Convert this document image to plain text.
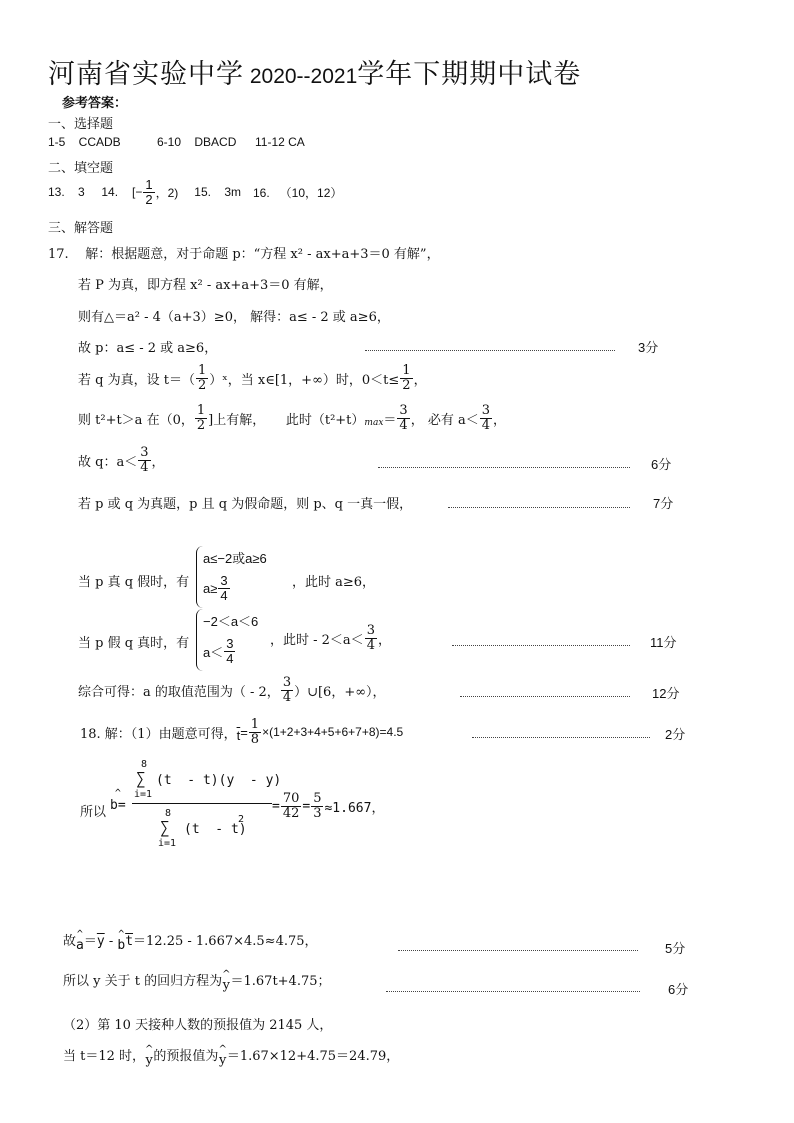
河南省实验中学 2020--2021学年下期期中试卷
参考答案：
一、选择题
1-5    CCADB	6-10    DBACD 11-12 CA
二、填空题
13.    3     14. [− $\frac{1}{2}$ ，2) 15.    3m 16.   （10，12）
三、解答题
17.    解：根据题意，对于命题 p：“方程 x² - ax+a+3＝0 有解”，
若 P 为真，即方程 x² - ax+a+3＝0 有解，
则有△＝a² - 4（a+3）≥0， 解得：a≤ - 2 或 a≥6，
故 p：a≤ - 2 或 a≥6，	3分
若 q 为真，设 $t=( \frac{1}{2}$ ）ˣ，当 x∈[1，+∞）时，$0<t\le \frac{1}{2}$ ，
则 t²+t＞a 在（0， $\frac{1}{2}$ ]上有解，     此时（t²+t） $\max = \frac{3}{4}$ ， 必有 $a< \frac{3}{4}$ ，
故 q：$a< \frac{3}{4}$ ，	6分
若 p 或 q 为真题，p 且 q 为假命题，则 p、q 一真一假，	7分
当 p 真 q 假时，有
a≤−2或a≥6
$a\ge \frac{3}{4}$	，此时 a≥6，
当 p 假 q 真时，有
−2＜a＜6
$a< \frac{3}{4}$	，此时 - $2<a< \frac{3}{4}$ ，	11分
综合可得：a 的取值范围为（ - 2， $\frac{3}{4}$ ）∪[6，+∞），	12分
18. 解：（1）由题意可得， $\overline{t} = \frac{1}{8} \times(1+2+3+4+5+6+7+8)=4.5$	2分
所以
^
b= 8
∑
i=1
(t  - t)(y  - y)
8
∑
i=1
(t  - t)
$2 = \frac{70}{42} = \frac{5}{3} \approx 1.667$，
故 ^
$a = \overline{y}$ - ^
b $\overline{t} =12.25 - 1.667\times 4.5\approx 4.75$，	5分
所以 y 关于 t 的回归方程为 ^
y ＝1.67t+4.75；
6分
（2）第 10 天接种人数的预报值为 2145 人，
当 t＝12 时， ^
y 的预报值为 ^
y ＝1.67×12+4.75＝24.79，
